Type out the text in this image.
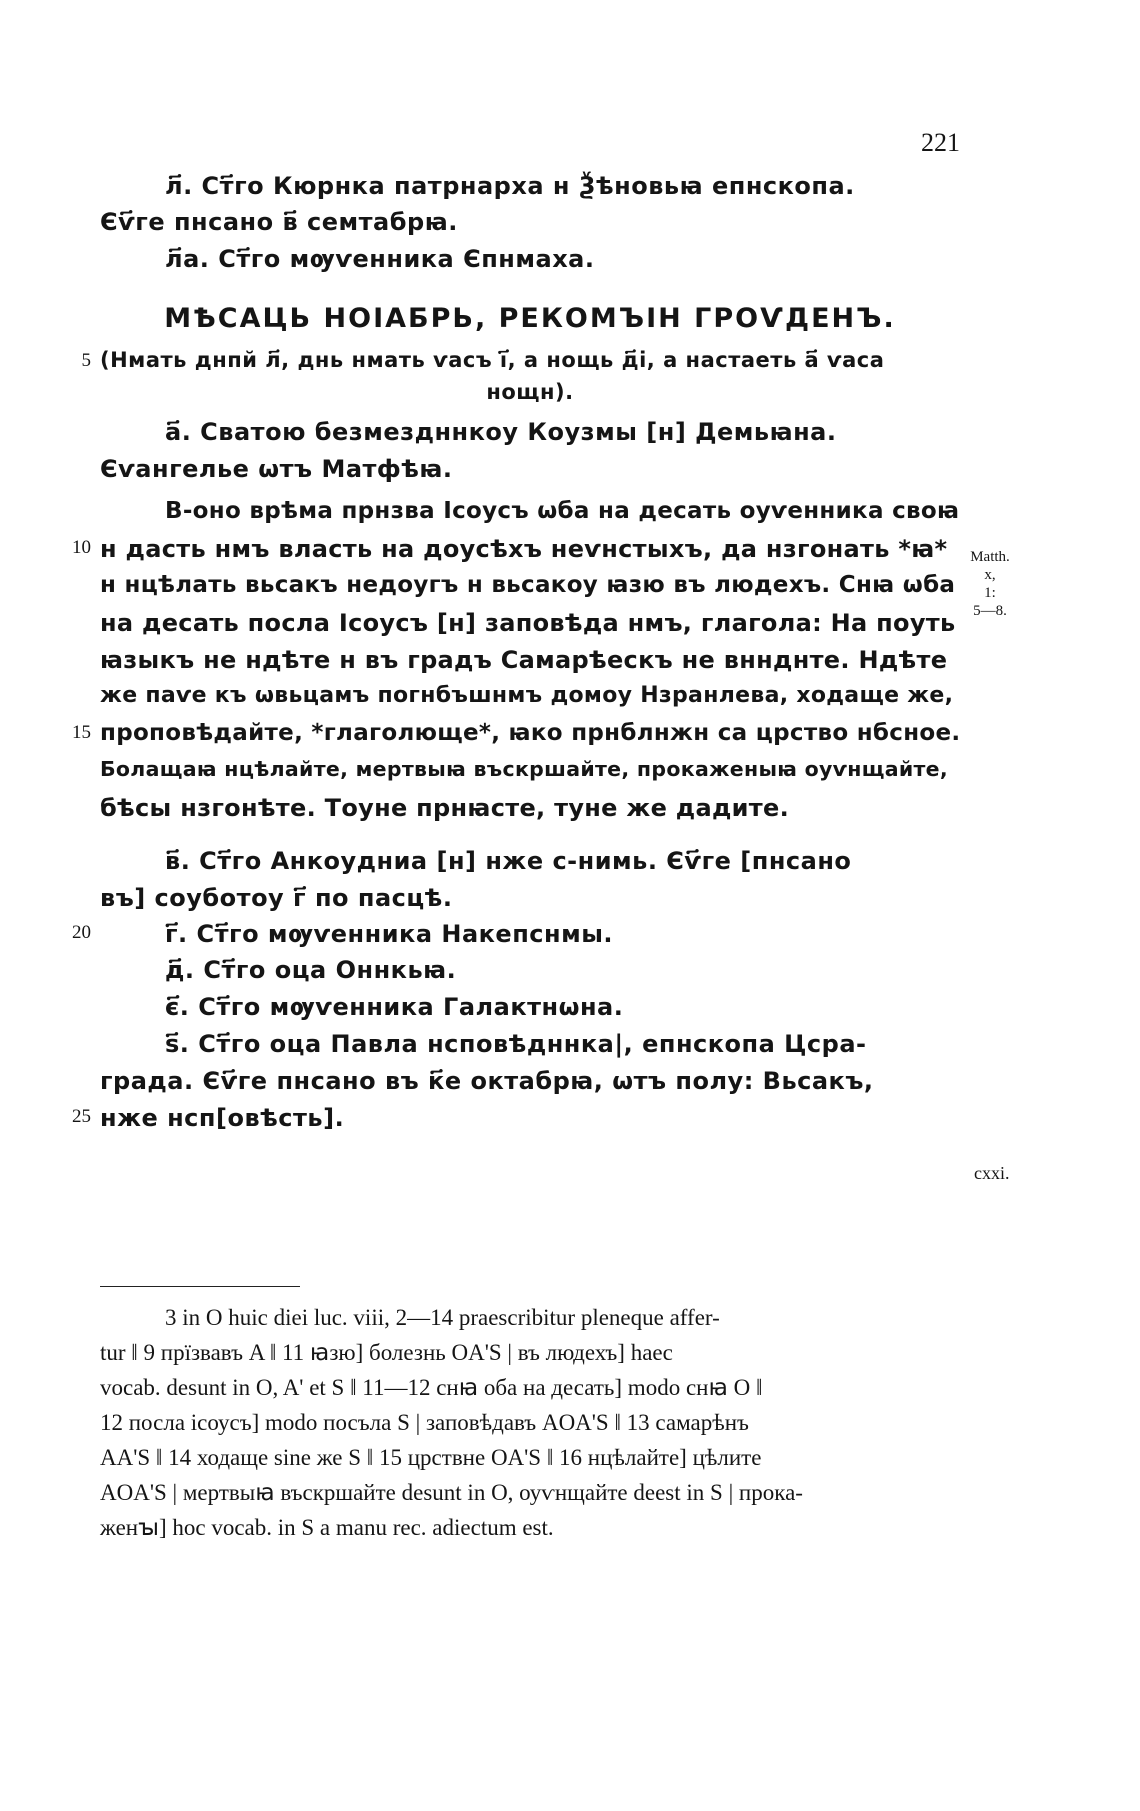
221
л҃. Ст҃го Кюрнка патрнарха н Ѯѣновьꙗ епнскопа.
Єѵ҃ге пнсано в҃ семтабрꙗ.
л҃а. Ст҃го мѹѵенника Єпнмаха.
МѢСАЦЬ НОІАБРЬ, РЕКОМЪІН ГРОѴДЕНЪ.
5 (Нмать днпй л҃, днь нмать ѵасъ і҃, а нощь д҃і, а настаеть а҃ ѵаса
нощн).
а҃. Сватою безмездннкоу Коузмы [н] Демьꙗна.
Єѵангелье ѡтъ Матфѣꙗ.
В-оно врѣма прнзва Ісоусъ ѡба на десать оуѵенника своꙗ
10 н дасть нмъ власть на доусѣхъ неѵнстыхъ, да нзгонать *ꙗ*
н нцѣлать вьсакъ недоугъ н вьсакоу ꙗзю въ людехъ. Снꙗ ѡба
на десать посла Ісоусъ [н] заповѣда нмъ, глагола: На поуть
ꙗзыкъ не ндѣте н въ градъ Самарѣескъ не вннднте. Ндѣте
же паѵе къ ѡвьцамъ погнбъшнмъ домоу Нзранлева, ходаще же,
15 проповѣдайте, *глаголюще*, ꙗко прнблнжн са црство нбсное.
Болащаꙗ нцѣлайте, мертвыꙗ въскршайте, прокаженыꙗ оуѵнщайте,
бѣсы нзгонѣте. Тоуне прнꙗсте, туне же дадите.
в҃. Ст҃го Анкоудниа [н] нже с-нимь. Єѵ҃ге [пнсано
въ] соуботоу г҃ по пасцѣ.
20	г҃. Ст҃го мѹѵенника Накепснмы.
д҃. Ст҃го оца Оннкьꙗ.
є҃. Ст҃го мѹѵенника Галактнѡна.
ѕ҃. Ст҃го оца Павла нсповѣдннка|, епнскопа Цсра-
града. Єѵ҃ге пнсано въ к҃е октабрꙗ, ѡтъ полу: Вьсакъ,
25 нже нсп[овѣсть].
Matth.
x,
1:
5—8.
cxxi.
3 in O huic diei luc. viii, 2—14 praescribitur pleneque affer-
tur ‖ 9 прїзвавъ A ‖ 11 ꙗзю] болезнь OA'S | въ людехъ] haec
vocab. desunt in O, A' et S ‖ 11—12 снꙗ оба на десать] modo снꙗ O ‖
12 посла ісоусъ] modo посъла S | заповѣдавъ AOA'S ‖ 13 самарѣнъ
AA'S ‖ 14 ходаще sine же S ‖ 15 црствне OA'S ‖ 16 нцѣлайте] цѣлите
AOA'S | мертвыꙗ въскршайте desunt in O, оуѵнщайте deest in S | прока-
женꙑ] hoc vocab. in S a manu rec. adiectum est.
